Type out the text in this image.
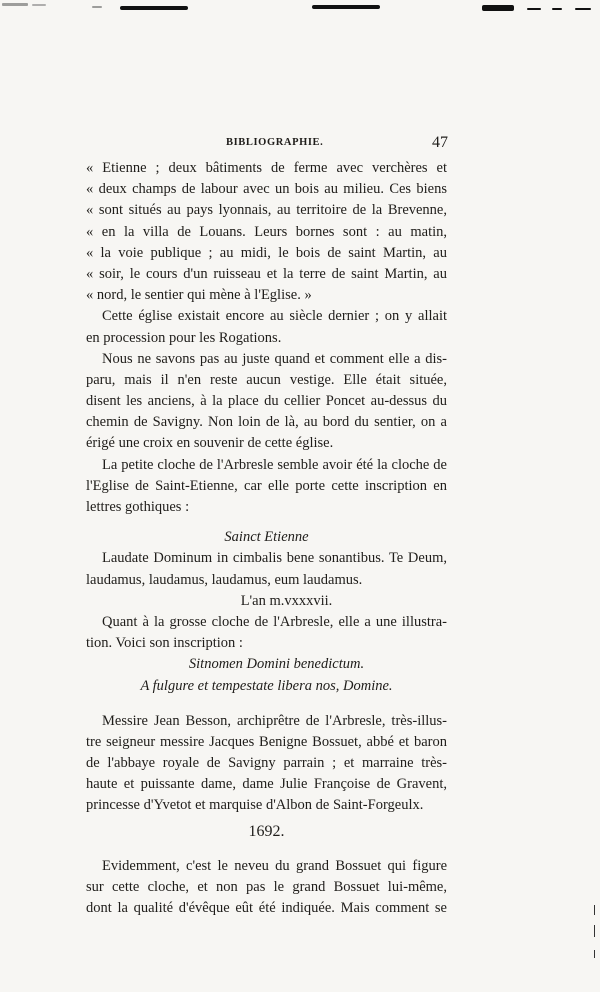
BIBLIOGRAPHIE.	47
« Etienne ; deux bâtiments de ferme avec verchères et
« deux champs de labour avec un bois au milieu. Ces biens
« sont situés au pays lyonnais, au territoire de la Brevenne,
« en la villa de Louans. Leurs bornes sont : au matin,
« la voie publique ; au midi, le bois de saint Martin, au
« soir, le cours d'un ruisseau et la terre de saint Martin, au
« nord, le sentier qui mène à l'Eglise. »
Cette église existait encore au siècle dernier ; on y allait
en procession pour les Rogations.
Nous ne savons pas au juste quand et comment elle a dis-
paru, mais il n'en reste aucun vestige. Elle était située,
disent les anciens, à la place du cellier Poncet au-dessus du
chemin de Savigny. Non loin de là, au bord du sentier, on a
érigé une croix en souvenir de cette église.
La petite cloche de l'Arbresle semble avoir été la cloche de
l'Eglise de Saint-Etienne, car elle porte cette inscription en
lettres gothiques :
Sainct Etienne
Laudate Dominum in cimbalis bene sonantibus. Te Deum,
laudamus, laudamus, laudamus, eum laudamus.
L'an m.vxxxvii.
Quant à la grosse cloche de l'Arbresle, elle a une illustra-
tion. Voici son inscription :
Sitnomen Domini benedictum.
A fulgure et tempestate libera nos, Domine.
Messire Jean Besson, archiprêtre de l'Arbresle, très-illus-
tre seigneur messire Jacques Benigne Bossuet, abbé et baron
de l'abbaye royale de Savigny parrain ; et marraine très-
haute et puissante dame, dame Julie Françoise de Gravent,
princesse d'Yvetot et marquise d'Albon de Saint-Forgeulx.
1692.
Evidemment, c'est le neveu du grand Bossuet qui figure
sur cette cloche, et non pas le grand Bossuet lui-même,
dont la qualité d'évêque eût été indiquée. Mais comment se
